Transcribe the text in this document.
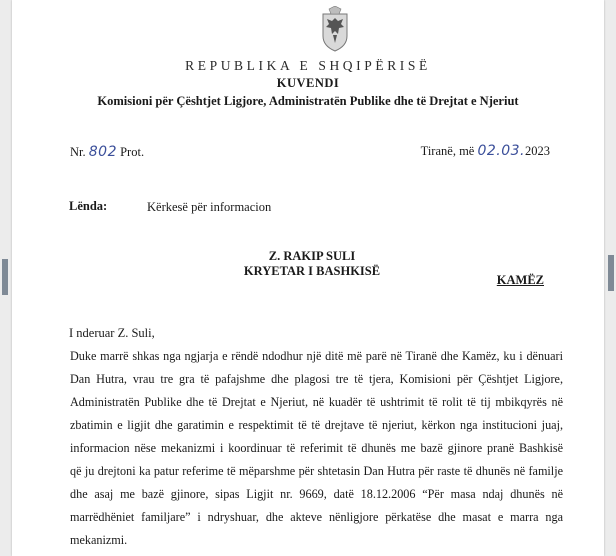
REPUBLIKA E SHQIPËRISË
KUVENDI
Komisioni për Çështjet Ligjore, Administratën Publike dhe të Drejtat e Njeriut
Nr. 802 Prot.	Tiranë, më 02.03.2023
Lënda:	Kërkesë për informacion
Z. RAKIP SULI
KRYETAR I BASHKISË
KAMËZ
I nderuar Z. Suli,
Duke marrë shkas nga ngjarja e rëndë ndodhur një ditë më parë në Tiranë dhe Kamëz, ku i dënuari
Dan Hutra, vrau tre gra të pafajshme dhe plagosi tre të tjera, Komisioni për Çështjet Ligjore,
Administratën Publike dhe të Drejtat e Njeriut, në kuadër të ushtrimit të rolit të tij mbikqyrës në
zbatimin e ligjit dhe garatimin e respektimit të të drejtave të njeriut, kërkon nga institucioni juaj,
informacion nëse mekanizmi i koordinuar të referimit të dhunës me bazë gjinore pranë Bashkisë
që ju drejtoni ka patur referime të mëparshme për shtetasin Dan Hutra për raste të dhunës në familje
dhe asaj me bazë gjinore, sipas Ligjit nr. 9669, datë 18.12.2006 “Për masa ndaj dhunës në
marrëdhëniet familjare” i ndryshuar, dhe akteve nënligjore përkatëse dhe masat e marra nga
mekanizmi.
